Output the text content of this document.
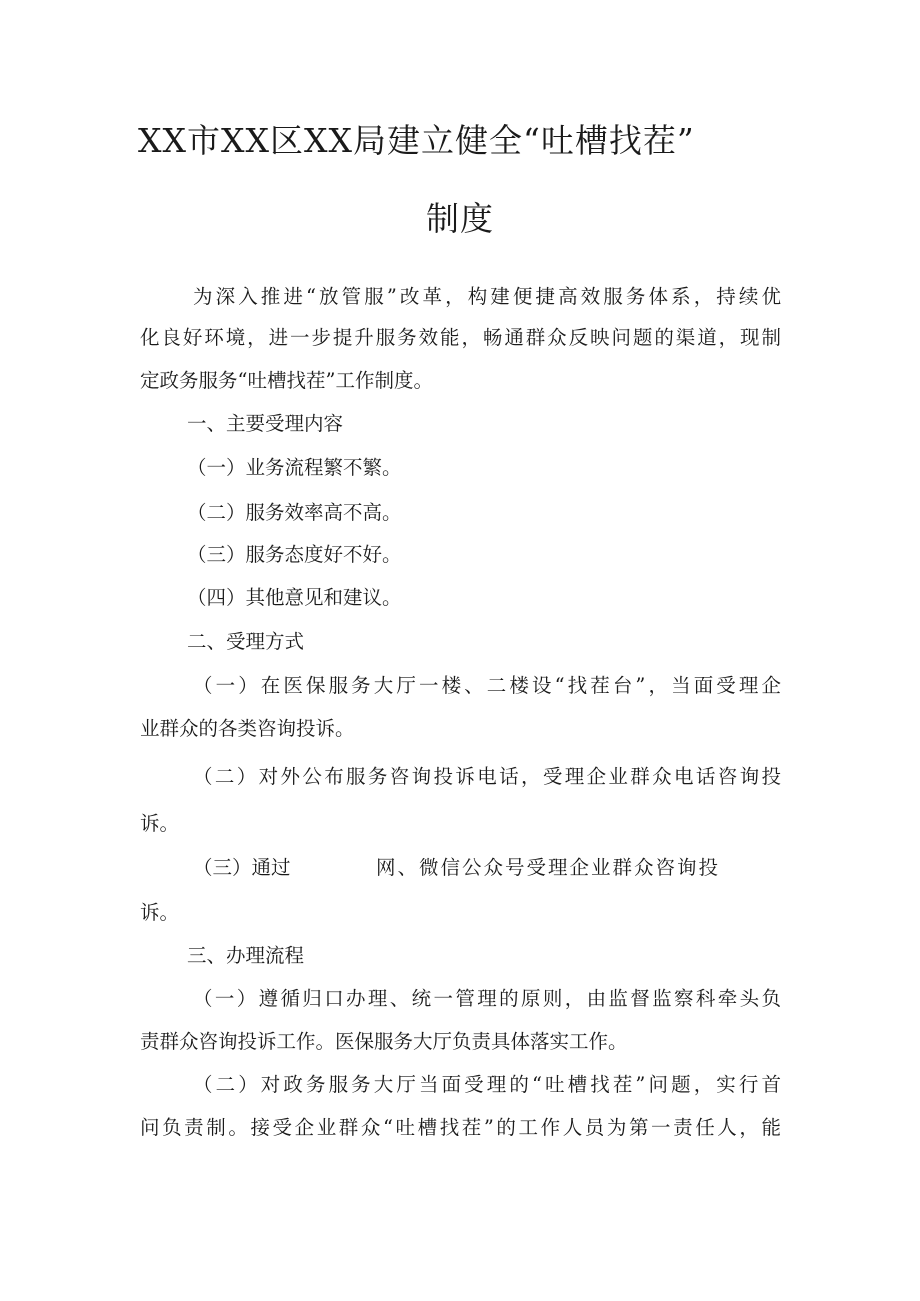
XX市XX区XX局建立健全“吐槽找茬”
制度
为深入推进“放管服”改革，构建便捷高效服务体系，持续优
化良好环境，进一步提升服务效能，畅通群众反映问题的渠道，现制
定政务服务“吐槽找茬”工作制度。
一、主要受理内容
（一）业务流程繁不繁。
（二）服务效率高不高。
（三）服务态度好不好。
（四）其他意见和建议。
二、受理方式
（一）在医保服务大厅一楼、二楼设“找茬台”，当面受理企
业群众的各类咨询投诉。
（二）对外公布服务咨询投诉电话，受理企业群众电话咨询投
诉。
（三）通过	网、微信公众号受理企业群众咨询投
诉。
三、办理流程
（一）遵循归口办理、统一管理的原则，由监督监察科牵头负
责群众咨询投诉工作。医保服务大厅负责具体落实工作。
（二）对政务服务大厅当面受理的“吐槽找茬”问题，实行首
问负责制。接受企业群众“吐槽找茬”的工作人员为第一责任人，能
